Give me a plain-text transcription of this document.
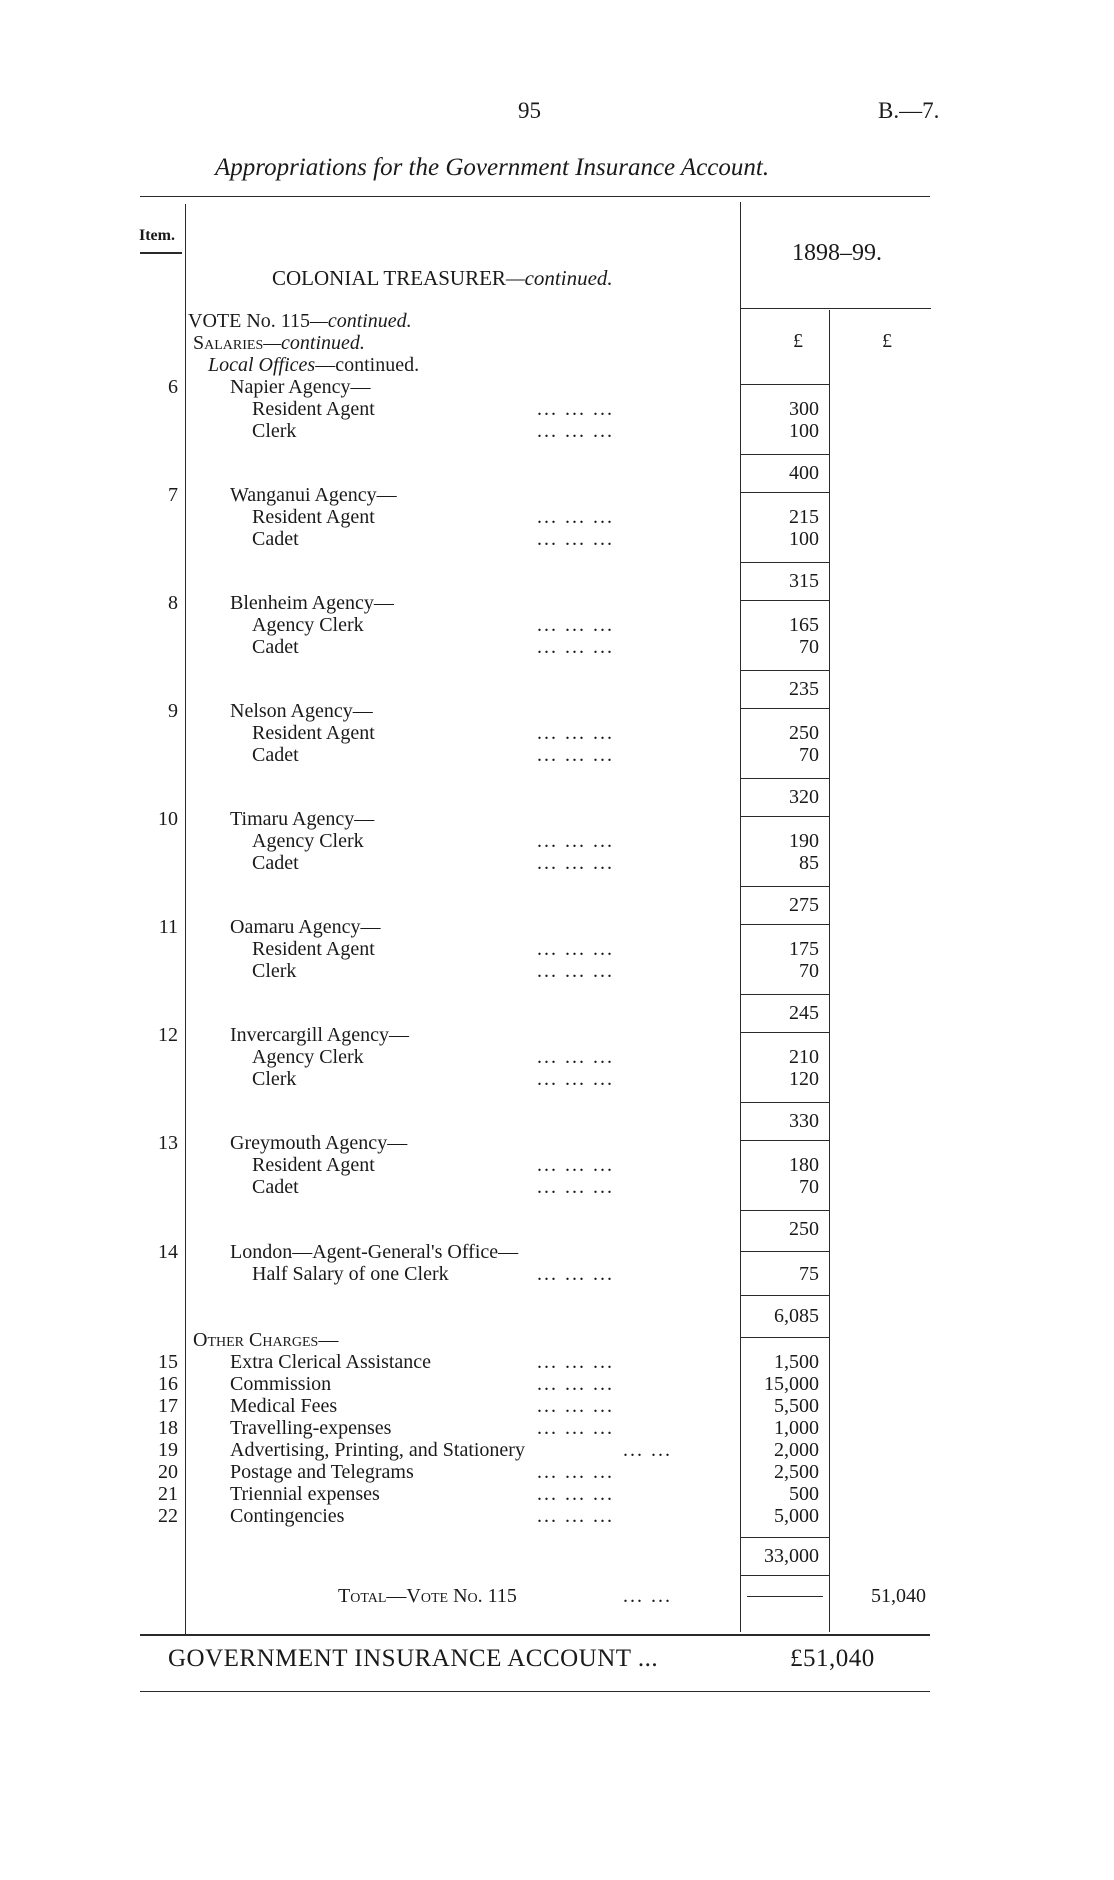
95	B.—7.
Appropriations for the Government Insurance Account.
Item.
1898–99.
£	£
COLONIAL TREASURER—continued.
VOTE No. 115—continued.
Salaries—continued.
Local Offices—continued.
6	Napier Agency—
Resident Agent	... ... ...	300
Clerk	... ... ...	100
400
7	Wanganui Agency—
Resident Agent	... ... ...	215
Cadet	... ... ...	100
315
8	Blenheim Agency—
Agency Clerk	... ... ...	165
Cadet	... ... ...	70
235
9	Nelson Agency—
Resident Agent	... ... ...	250
Cadet	... ... ...	70
320
10	Timaru Agency—
Agency Clerk	... ... ...	190
Cadet	... ... ...	85
275
11	Oamaru Agency—
Resident Agent	... ... ...	175
Clerk	... ... ...	70
245
12	Invercargill Agency—
Agency Clerk	... ... ...	210
Clerk	... ... ...	120
330
13	Greymouth Agency—
Resident Agent	... ... ...	180
Cadet	... ... ...	70
250
14	London—Agent-General's Office—
Half Salary of one Clerk	... ... ...	75
6,085
Other Charges—
15	Extra Clerical Assistance	... ... ...	1,500
16	Commission	... ... ...	15,000
17	Medical Fees	... ... ...	5,500
18	Travelling-expenses	... ... ...	1,000
19	Advertising, Printing, and Stationery	... ...	2,000
20	Postage and Telegrams	... ... ...	2,500
21	Triennial expenses	... ... ...	500
22	Contingencies	... ... ...	5,000
33,000
Total—Vote No. 115	... ...	51,040
GOVERNMENT INSURANCE ACCOUNT ...	£51,040
